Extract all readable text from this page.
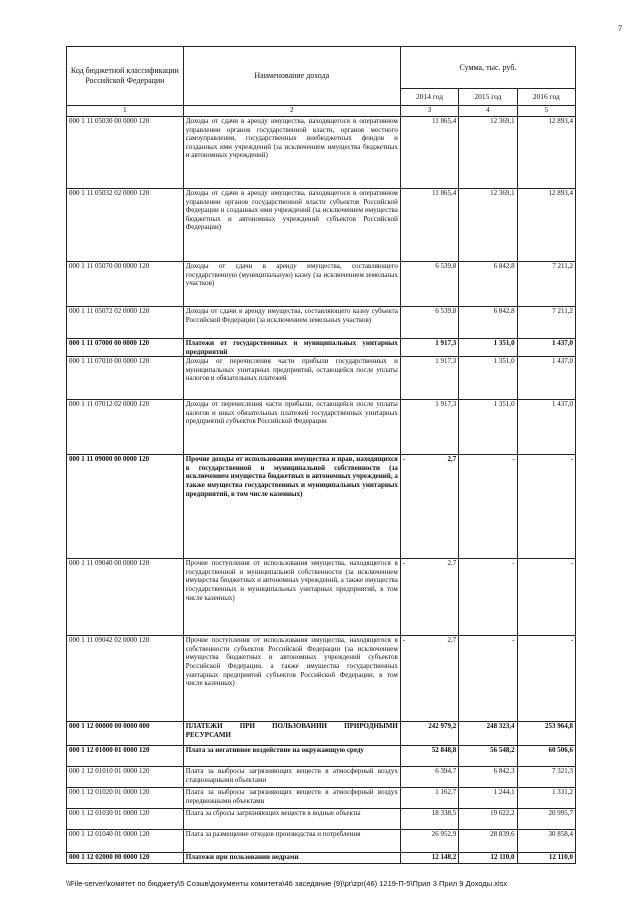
7
Код бюджетной классификации Российской Федерации	Наименование дохода	Сумма, тыс. руб.		
		2014 год	2015 год	2016 год
1	2	3	4	5
000 1 11 05030 00 0000 120	Доходы от сдачи в аренду имущества, находящегося в оперативном управлении органов государственной власти, органов местного самоуправления, государственных внебюджетных фондов и созданных ими учреждений (за исключением имущества бюджетных и автономных учреждений)	11 865,4	12 369,1	12 893,4
000 1 11 05032 02 0000 120	Доходы от сдачи в аренду имущества, находящегося в оперативном управлении органов государственной власти субъектов Российской Федерации и созданных ими учреждений (за исключением имущества бюджетных и автономных учреждений субъектов Российской Федерации)	11 865,4	12 369,1	12 893,4
000 1 11 05070 00 0000 120	Доходы от сдачи в аренду имущества, составляющего государственную (муниципальную) казну (за исключением земельных участков)	6 539,8	6 842,8	7 211,2
000 1 11 05072 02 0000 120	Доходы от сдачи в аренду имущества, составляющего казну субъекта Российской Федерации (за исключением земельных участков)	6 539,8	6 842,8	7 211,2
000 1 11 07000 00 0000 120	Платежи от государственных и муниципальных унитарных предприятий	1 917,3	1 351,0	1 437,0
000 1 11 07010 00 0000 120	Доходы от перечисления части прибыли государственных и муниципальных унитарных предприятий, остающейся после уплаты налогов и обязательных платежей	1 917,3	1 351,0	1 437,0
000 1 11 07012 02 0000 120	Доходы от перечисления части прибыли, остающейся после уплаты налогов и иных обязательных платежей государственных унитарных предприятий субъектов Российской Федерации	1 917,3	1 351,0	1 437,0
000 1 11 09000 00 0000 120	Прочие доходы от использования имущества и прав, находящихся в государственной и муниципальной собственности (за исключением имущества бюджетных и автономных учреждений, а также имущества государственных и муниципальных унитарных предприятий, в том числе казенных)	- 2,7	-	-
000 1 11 09040 00 0000 120	Прочие поступления от использования имущества, находящегося в государственной и муниципальной собственности (за исключением имущества бюджетных и автономных учреждений, а также имущества государственных и муниципальных унитарных предприятий, в том числе казенных)	- 2,7	-	-
000 1 11 09042 02 0000 120	Прочие поступления от использования имущества, находящегося в собственности субъектов Российской Федерации (за исключением имущества бюджетных и автономных учреждений субъектов Российской Федерации, а также имущества государственных унитарных предприятий субъектов Российской Федерации, в том числе казенных)	- 2,7	-	-
000 1 12 00000 00 0000 000	ПЛАТЕЖИ ПРИ ПОЛЬЗОВАНИИ ПРИРОДНЫМИ РЕСУРСАМИ	242 979,2	248 323,4	253 964,8
000 1 12 01000 01 0000 120	Плата за негативное воздействие на окружающую среду	52 848,8	56 548,2	60 506,6
000 1 12 01010 01 0000 120	Плата за выбросы загрязняющих веществ в атмосферный воздух стационарными объектами	6 394,7	6 842,3	7 321,3
000 1 12 01020 01 0000 120	Плата за выбросы загрязняющих веществ в атмосферный воздух передвижными объектами	1 162,7	1 244,1	1 331,2
000 1 12 01030 01 0000 120	Плата за сбросы загрязняющих веществ в водные объекты	18 338,5	19 622,2	20 995,7
000 1 12 01040 01 0000 120	Плата за размещение отходов производства и потребления	26 952,9	28 839,6	30 858,4
000 1 12 02000 00 0000 120	Платежи при пользовании недрами	12 148,2	12 110,0	12 110,0
\\File-server\комитет по бюджету\5 Созыв\документы комитета\46 заседание (9)\pr\zpr(46) 1219-П-5\Прил 3 Прил 9 Доходы.xlsx
